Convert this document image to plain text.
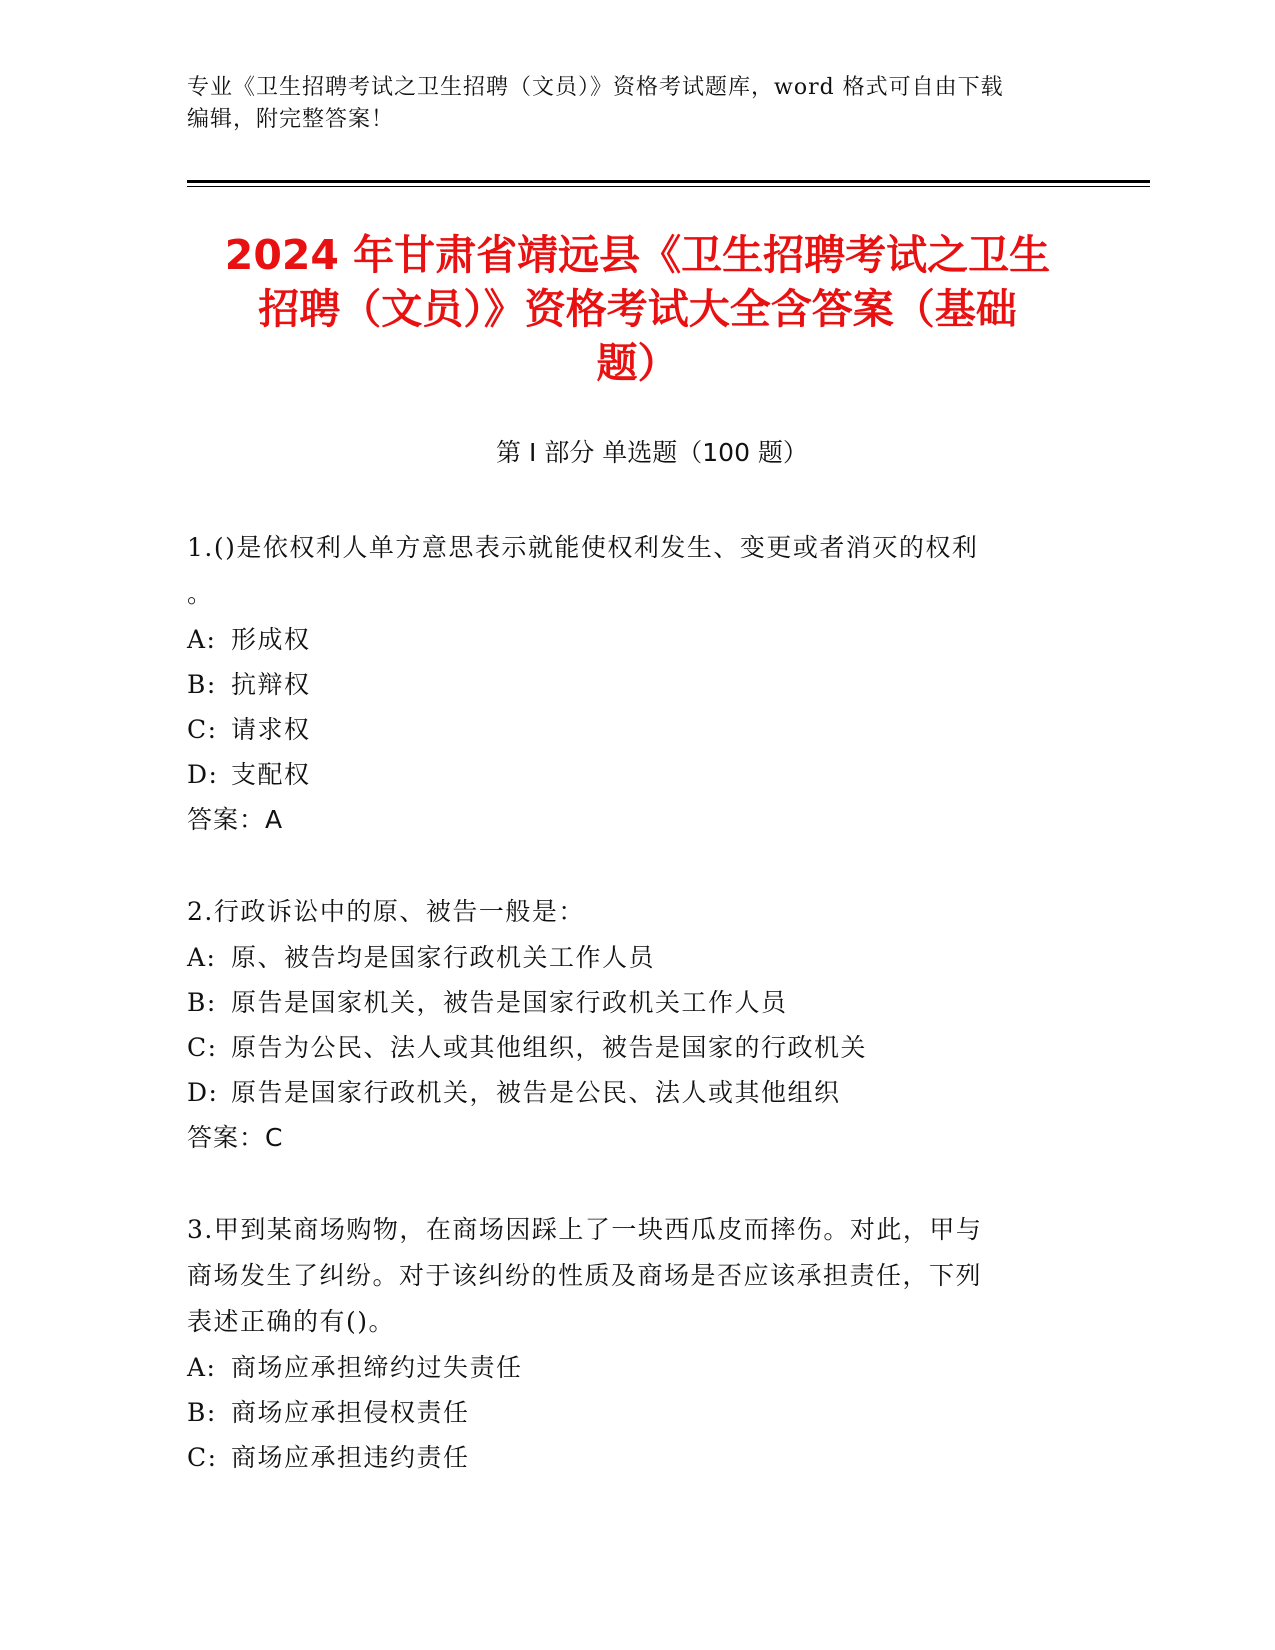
专业《卫生招聘考试之卫生招聘（文员）》资格考试题库，word 格式可自由下载
编辑，附完整答案！
2024 年甘肃省靖远县《卫生招聘考试之卫生
招聘（文员）》资格考试大全含答案（基础
题）
第 I 部分 单选题（100 题）
1.()是依权利人单方意思表示就能使权利发生、变更或者消灭的权利
。
A: 形成权
B: 抗辩权
C: 请求权
D: 支配权
答案：A
2.行政诉讼中的原、被告一般是：
A: 原、被告均是国家行政机关工作人员
B: 原告是国家机关，被告是国家行政机关工作人员
C: 原告为公民、法人或其他组织，被告是国家的行政机关
D: 原告是国家行政机关，被告是公民、法人或其他组织
答案：C
3.甲到某商场购物，在商场因踩上了一块西瓜皮而摔伤。对此，甲与
商场发生了纠纷。对于该纠纷的性质及商场是否应该承担责任，下列
表述正确的有()。
A: 商场应承担缔约过失责任
B: 商场应承担侵权责任
C: 商场应承担违约责任
